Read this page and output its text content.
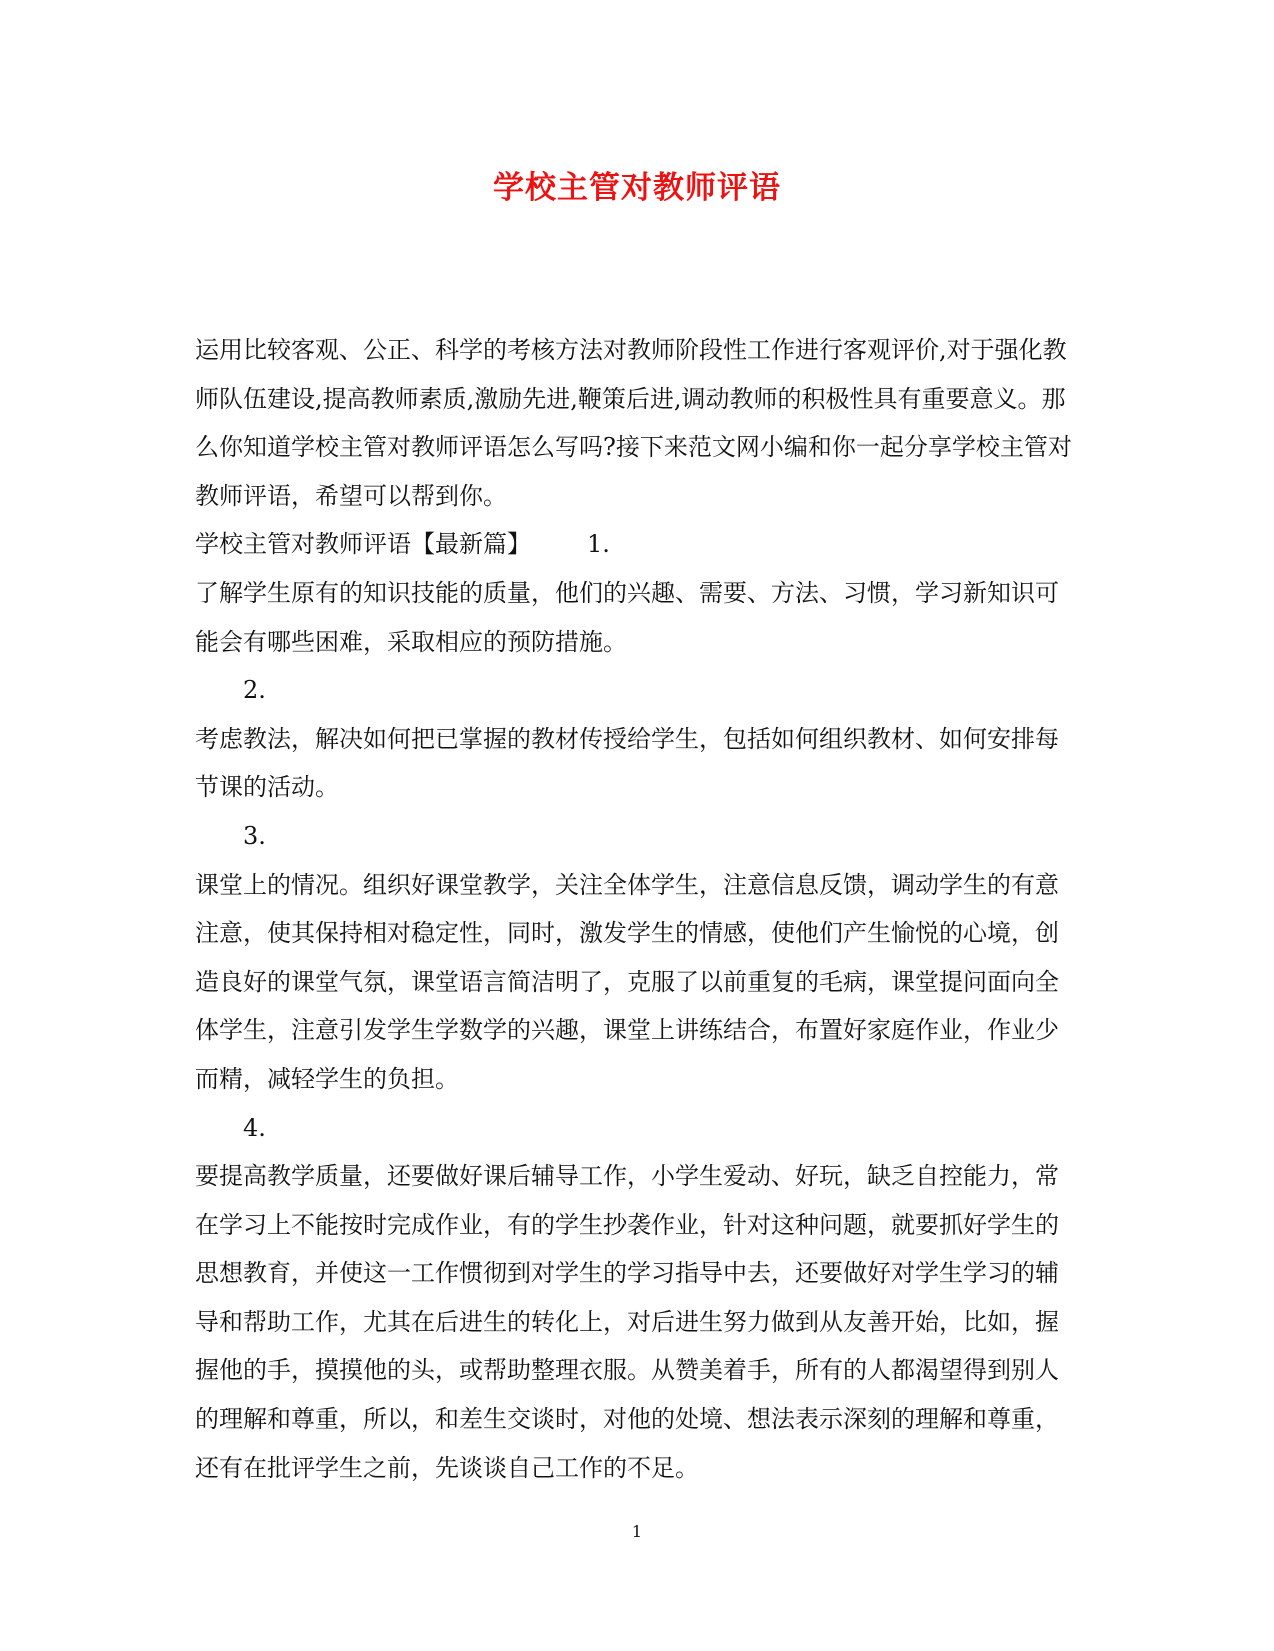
学校主管对教师评语

运用比较客观、公正、科学的考核方法对教师阶段性工作进行客观评价,对于强化教师队伍建设,提高教师素质,激励先进,鞭策后进,调动教师的积极性具有重要意义。那么你知道学校主管对教师评语怎么写吗?接下来范文网小编和你一起分享学校主管对教师评语，希望可以帮到你。

学校主管对教师评语【最新篇】 1.

了解学生原有的知识技能的质量，他们的兴趣、需要、方法、习惯，学习新知识可能会有哪些困难，采取相应的预防措施。

2.

考虑教法，解决如何把已掌握的教材传授给学生，包括如何组织教材、如何安排每节课的活动。

3.

课堂上的情况。组织好课堂教学，关注全体学生，注意信息反馈，调动学生的有意注意，使其保持相对稳定性，同时，激发学生的情感，使他们产生愉悦的心境，创造良好的课堂气氛，课堂语言简洁明了，克服了以前重复的毛病，课堂提问面向全体学生，注意引发学生学数学的兴趣，课堂上讲练结合，布置好家庭作业，作业少而精，减轻学生的负担。

4.

要提高教学质量，还要做好课后辅导工作，小学生爱动、好玩，缺乏自控能力，常在学习上不能按时完成作业，有的学生抄袭作业，针对这种问题，就要抓好学生的思想教育，并使这一工作惯彻到对学生的学习指导中去，还要做好对学生学习的辅导和帮助工作，尤其在后进生的转化上，对后进生努力做到从友善开始，比如，握握他的手，摸摸他的头，或帮助整理衣服。从赞美着手，所有的人都渴望得到别人的理解和尊重，所以，和差生交谈时，对他的处境、想法表示深刻的理解和尊重，还有在批评学生之前，先谈谈自己工作的不足。

1
